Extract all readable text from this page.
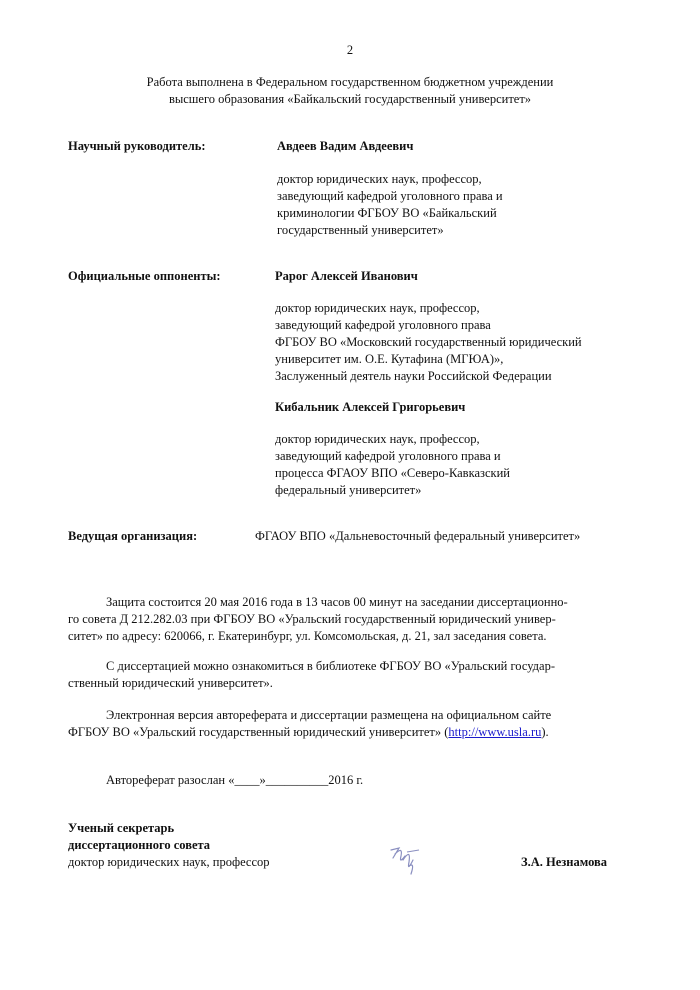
2
Работа выполнена в Федеральном государственном бюджетном учреждении
высшего образования «Байкальский государственный университет»
Научный руководитель:	Авдеев Вадим Авдеевич
доктор юридических наук, профессор,
заведующий кафедрой уголовного права и
криминологии ФГБОУ ВО «Байкальский
государственный университет»
Официальные оппоненты:	Рарог Алексей Иванович
доктор юридических наук, профессор,
заведующий кафедрой уголовного права
ФГБОУ ВО «Московский государственный юридический
университет им. О.Е. Кутафина (МГЮА)»,
Заслуженный деятель науки Российской Федерации
Кибальник Алексей Григорьевич
доктор юридических наук, профессор,
заведующий кафедрой уголовного права и
процесса ФГАОУ ВПО «Северо-Кавказский
федеральный университет»
Ведущая организация:	ФГАОУ ВПО «Дальневосточный федеральный университет»
Защита состоится 20 мая 2016 года в 13 часов 00 минут на заседании диссертационно-
го совета Д 212.282.03 при ФГБОУ ВО «Уральский государственный юридический универ-
ситет» по адресу: 620066, г. Екатеринбург, ул. Комсомольская, д. 21, зал заседания совета.
С диссертацией можно ознакомиться в библиотеке ФГБОУ ВО «Уральский государ-
ственный юридический университет».
Электронная версия автореферата и диссертации размещена на официальном сайте
ФГБОУ ВО «Уральский государственный юридический университет» (http://www.usla.ru).
Автореферат разослан «____»__________2016 г.
Ученый секретарь
диссертационного совета
доктор юридических наук, профессор	З.А. Незнамова
